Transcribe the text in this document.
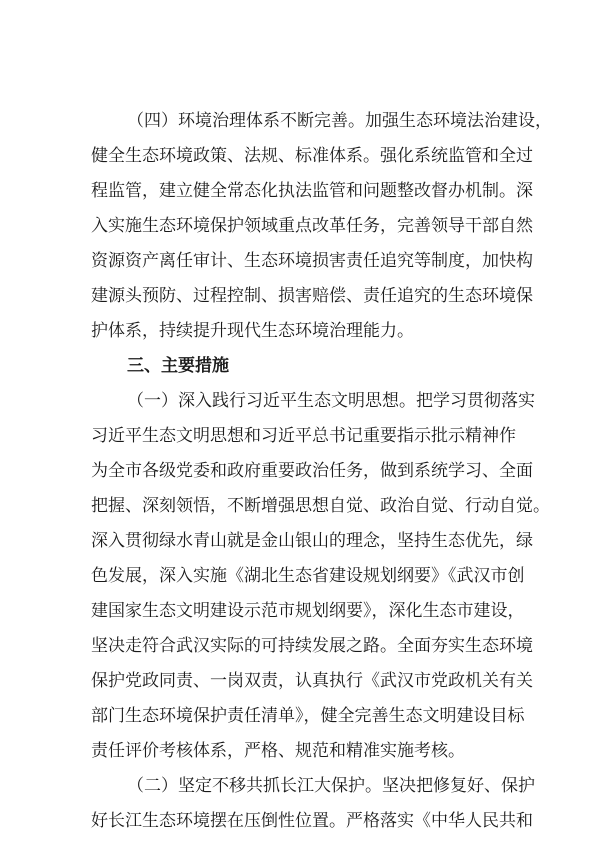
（四）环境治理体系不断完善。加强生态环境法治建设，
健全生态环境政策、法规、标准体系。强化系统监管和全过
程监管，建立健全常态化执法监管和问题整改督办机制。深
入实施生态环境保护领域重点改革任务，完善领导干部自然
资源资产离任审计、生态环境损害责任追究等制度，加快构
建源头预防、过程控制、损害赔偿、责任追究的生态环境保
护体系，持续提升现代生态环境治理能力。
三、主要措施
（一）深入践行习近平生态文明思想。把学习贯彻落实
习近平生态文明思想和习近平总书记重要指示批示精神作
为全市各级党委和政府重要政治任务，做到系统学习、全面
把握、深刻领悟，不断增强思想自觉、政治自觉、行动自觉。
深入贯彻绿水青山就是金山银山的理念，坚持生态优先，绿
色发展，深入实施《湖北生态省建设规划纲要》《武汉市创
建国家生态文明建设示范市规划纲要》，深化生态市建设，
坚决走符合武汉实际的可持续发展之路。全面夯实生态环境
保护党政同责、一岗双责，认真执行《武汉市党政机关有关
部门生态环境保护责任清单》，健全完善生态文明建设目标
责任评价考核体系，严格、规范和精准实施考核。
（二）坚定不移共抓长江大保护。坚决把修复好、保护
好长江生态环境摆在压倒性位置。严格落实《中华人民共和
